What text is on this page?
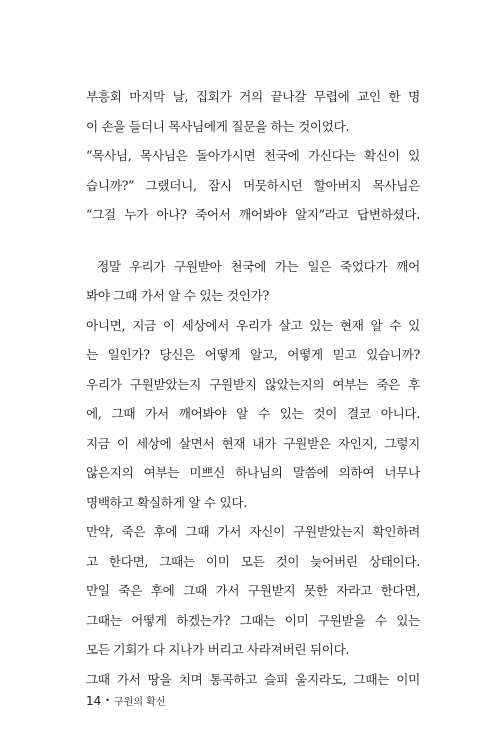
부흥회 마지막 날, 집회가 거의 끝나갈 무렵에 교인 한 명
이 손을 들더니 목사님에게 질문을 하는 것이었다.
“목사님, 목사님은 돌아가시면 천국에 가신다는 확신이 있
습니까?” 그랬더니, 잠시 머뭇하시던 할아버지 목사님은
“그걸 누가 아나? 죽어서 깨어봐야 알지”라고 답변하셨다.
정말 우리가 구원받아 천국에 가는 일은 죽었다가 깨어
봐야 그때 가서 알 수 있는 것인가?
아니면, 지금 이 세상에서 우리가 살고 있는 현재 알 수 있
는 일인가? 당신은 어떻게 알고, 어떻게 믿고 있습니까?
우리가 구원받았는지 구원받지 않았는지의 여부는 죽은 후
에, 그때 가서 깨어봐야 알 수 있는 것이 결코 아니다.
지금 이 세상에 살면서 현재 내가 구원받은 자인지, 그렇지
않은지의 여부는 미쁘신 하나님의 말씀에 의하여 너무나
명백하고 확실하게 알 수 있다.
만약, 죽은 후에 그때 가서 자신이 구원받았는지 확인하려
고 한다면, 그때는 이미 모든 것이 늦어버린 상태이다.
만일 죽은 후에 그때 가서 구원받지 못한 자라고 한다면,
그때는 어떻게 하겠는가? 그때는 이미 구원받을 수 있는
모든 기회가 다 지나가 버리고 사라져버린 뒤이다.
그때 가서 땅을 치며 통곡하고 슬피 울지라도, 그때는 이미
14 • 구원의 확신
